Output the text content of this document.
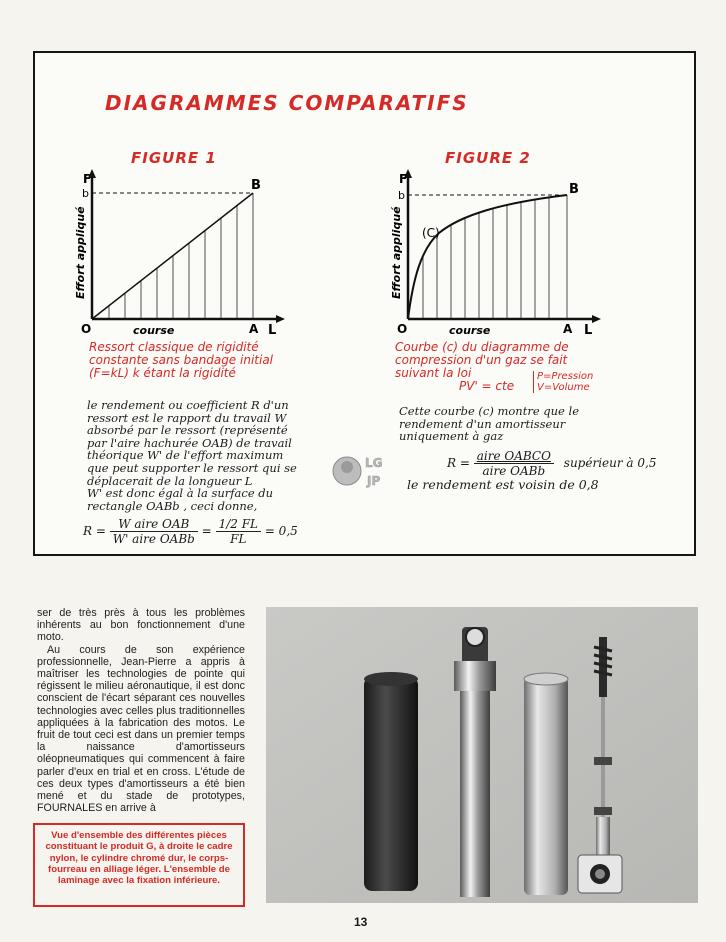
DIAGRAMMES COMPARATIFS
FIGURE 1
F
b
B
O	A L
course
Effort appliqué
Ressort classique de rigidité
constante sans bandage initial
(F=kL) k étant la rigidité
le rendement ou coefficient R d'un
ressort est le rapport du travail W
absorbé par le ressort (représenté
par l'aire hachurée OAB) de travail
théorique W' de l'effort maximum
que peut supporter le ressort qui se
déplacerait de la longueur L
W' est donc égal à la surface du
rectangle OABb , ceci donne,
$R = \frac{\text{W aire OAB}}{\text{W' aire OABb}} = \frac{1/2 FL}{FL} = 0,5$
FIGURE 2
(C)
F
b	B
O	A L
course
Effort appliqué
Courbe (c) du diagramme de
compression d'un gaz se fait
suivant la loi
PV' = cte
P=Pression
V=Volume
Cette courbe (c) montre que le
rendement d'un amortisseur
uniquement à gaz
$R = \frac{\text{aire OABCO}}{\text{aire OABb}}$ supérieur à 0,5
le rendement est voisin de 0,8
LG
JP

ser de très près à tous les problèmes inhérents au bon fonctionnement d'une moto.

Au cours de son expérience professionnelle, Jean-Pierre a appris à maîtriser les technologies de pointe qui régissent le milieu aéronautique, il est donc conscient de l'écart séparant ces nouvelles technologies avec celles plus traditionnelles appliquées à la fabrication des motos. Le fruit de tout ceci est dans un premier temps la naissance d'amortisseurs oléopneumatiques qui commencent à faire parler d'eux en trial et en cross. L'étude de ces deux types d'amortisseurs a été bien mené et du stade de prototypes, FOURNALES en arrive à

Vue d'ensemble des différentes pièces constituant le produit G, à droite le cadre nylon, le cylindre chromé dur, le corps-fourreau en alliage léger. L'ensemble de laminage avec la fixation inférieure.
13
